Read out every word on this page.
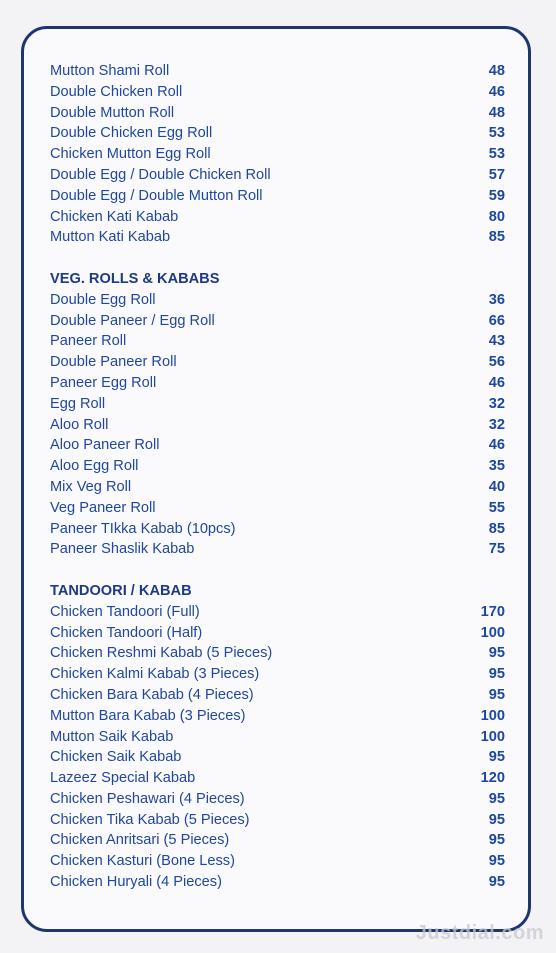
Mutton Shami Roll	48
Double Chicken Roll	46
Double Mutton Roll	48
Double Chicken Egg Roll	53
Chicken Mutton Egg Roll	53
Double Egg / Double Chicken Roll	57
Double Egg / Double Mutton Roll	59
Chicken Kati Kabab	80
Mutton Kati Kabab	85
VEG. ROLLS & KABABS
Double Egg Roll	36
Double Paneer / Egg Roll	66
Paneer Roll	43
Double Paneer Roll	56
Paneer Egg Roll	46
Egg Roll	32
Aloo Roll	32
Aloo Paneer Roll	46
Aloo Egg Roll	35
Mix Veg Roll	40
Veg Paneer Roll	55
Paneer TIkka Kabab (10pcs)	85
Paneer Shaslik Kabab	75
TANDOORI / KABAB
Chicken Tandoori (Full)	170
Chicken Tandoori (Half)	100
Chicken Reshmi Kabab (5 Pieces)	95
Chicken Kalmi Kabab (3 Pieces)	95
Chicken Bara Kabab (4 Pieces)	95
Mutton Bara Kabab (3 Pieces)	100
Mutton Saik Kabab	100
Chicken Saik Kabab	95
Lazeez Special Kabab	120
Chicken Peshawari (4 Pieces)	95
Chicken Tika Kabab (5 Pieces)	95
Chicken Anritsari (5 Pieces)	95
Chicken Kasturi (Bone Less)	95
Chicken Huryali (4 Pieces)	95
Justdial.com
